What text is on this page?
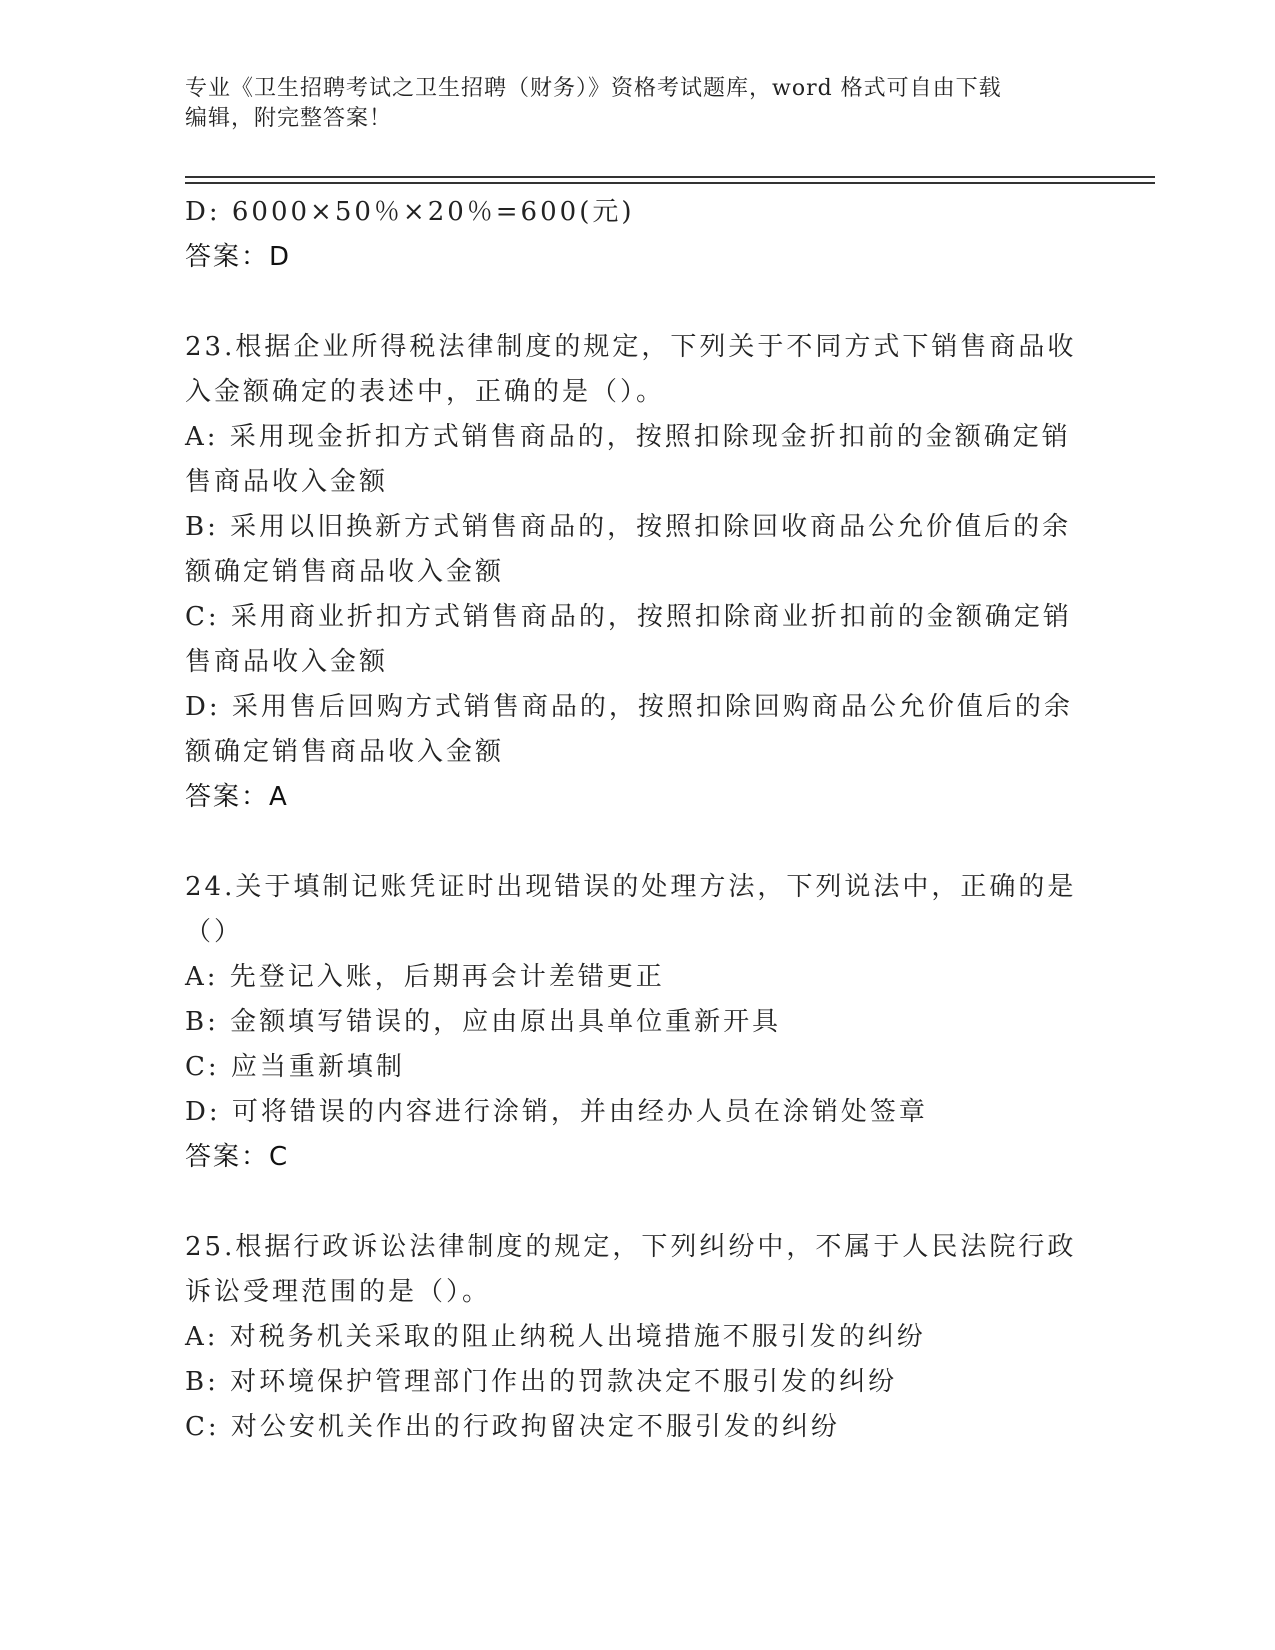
专业《卫生招聘考试之卫生招聘（财务）》资格考试题库，word 格式可自由下载
编辑，附完整答案！
D: 6000×50％×20％=600(元)
答案：D
23.根据企业所得税法律制度的规定，下列关于不同方式下销售商品收
入金额确定的表述中，正确的是（）。
A: 采用现金折扣方式销售商品的，按照扣除现金折扣前的金额确定销
售商品收入金额
B: 采用以旧换新方式销售商品的，按照扣除回收商品公允价值后的余
额确定销售商品收入金额
C: 采用商业折扣方式销售商品的，按照扣除商业折扣前的金额确定销
售商品收入金额
D: 采用售后回购方式销售商品的，按照扣除回购商品公允价值后的余
额确定销售商品收入金额
答案：A
24.关于填制记账凭证时出现错误的处理方法，下列说法中，正确的是
（）
A: 先登记入账，后期再会计差错更正
B: 金额填写错误的，应由原出具单位重新开具
C: 应当重新填制
D: 可将错误的内容进行涂销，并由经办人员在涂销处签章
答案：C
25.根据行政诉讼法律制度的规定，下列纠纷中，不属于人民法院行政
诉讼受理范围的是（）。
A: 对税务机关采取的阻止纳税人出境措施不服引发的纠纷
B: 对环境保护管理部门作出的罚款决定不服引发的纠纷
C: 对公安机关作出的行政拘留决定不服引发的纠纷
